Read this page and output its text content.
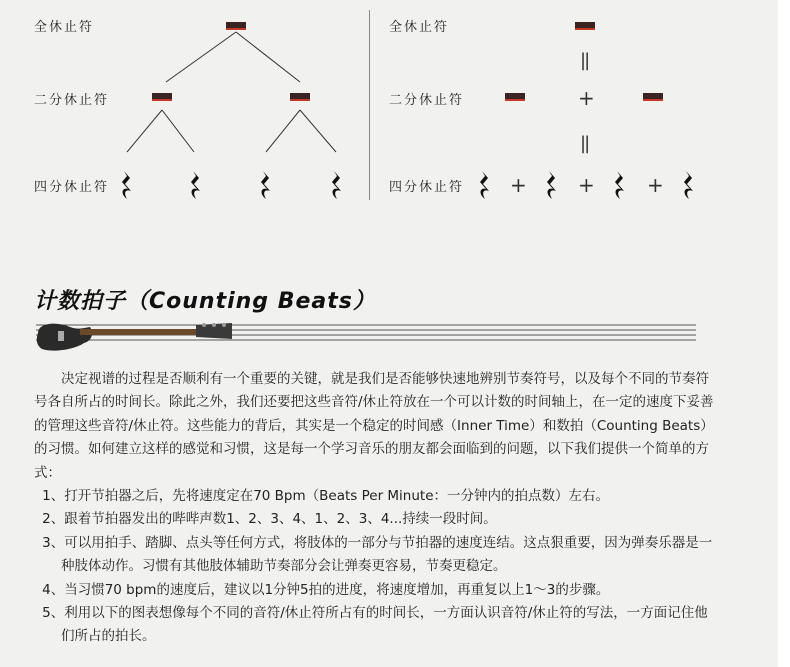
全休止符
二分休止符
四分休止符
全休止符
二分休止符
四分休止符
||
+
||
+	+	+
计数拍子（Counting Beats）

决定视谱的过程是否顺利有一个重要的关键，就是我们是否能够快速地辨别节奏符号，以及每个不同的节奏符号各自所占的时间长。除此之外，我们还要把这些音符/休止符放在一个可以计数的时间轴上，在一定的速度下妥善的管理这些音符/休止符。这些能力的背后，其实是一个稳定的时间感（Inner Time）和数拍（Counting Beats）的习惯。如何建立这样的感觉和习惯，这是每一个学习音乐的朋友都会面临到的问题，以下我们提供一个简单的方式：

1、打开节拍器之后，先将速度定在70 Bpm（Beats Per Minute：一分钟内的拍点数）左右。

2、跟着节拍器发出的哔哔声数1、2、3、4、1、2、3、4...持续一段时间。

3、可以用拍手、踏脚、点头等任何方式，将肢体的一部分与节拍器的速度连结。这点狠重要，因为弹奏乐器是一种肢体动作。习惯有其他肢体辅助节奏部分会让弹奏更容易，节奏更稳定。

4、当习惯70 bpm的速度后，建议以1分钟5拍的进度，将速度增加，再重复以上1～3的步骤。

5、利用以下的图表想像每个不同的音符/休止符所占有的时间长，一方面认识音符/休止符的写法，一方面记住他们所占的拍长。
